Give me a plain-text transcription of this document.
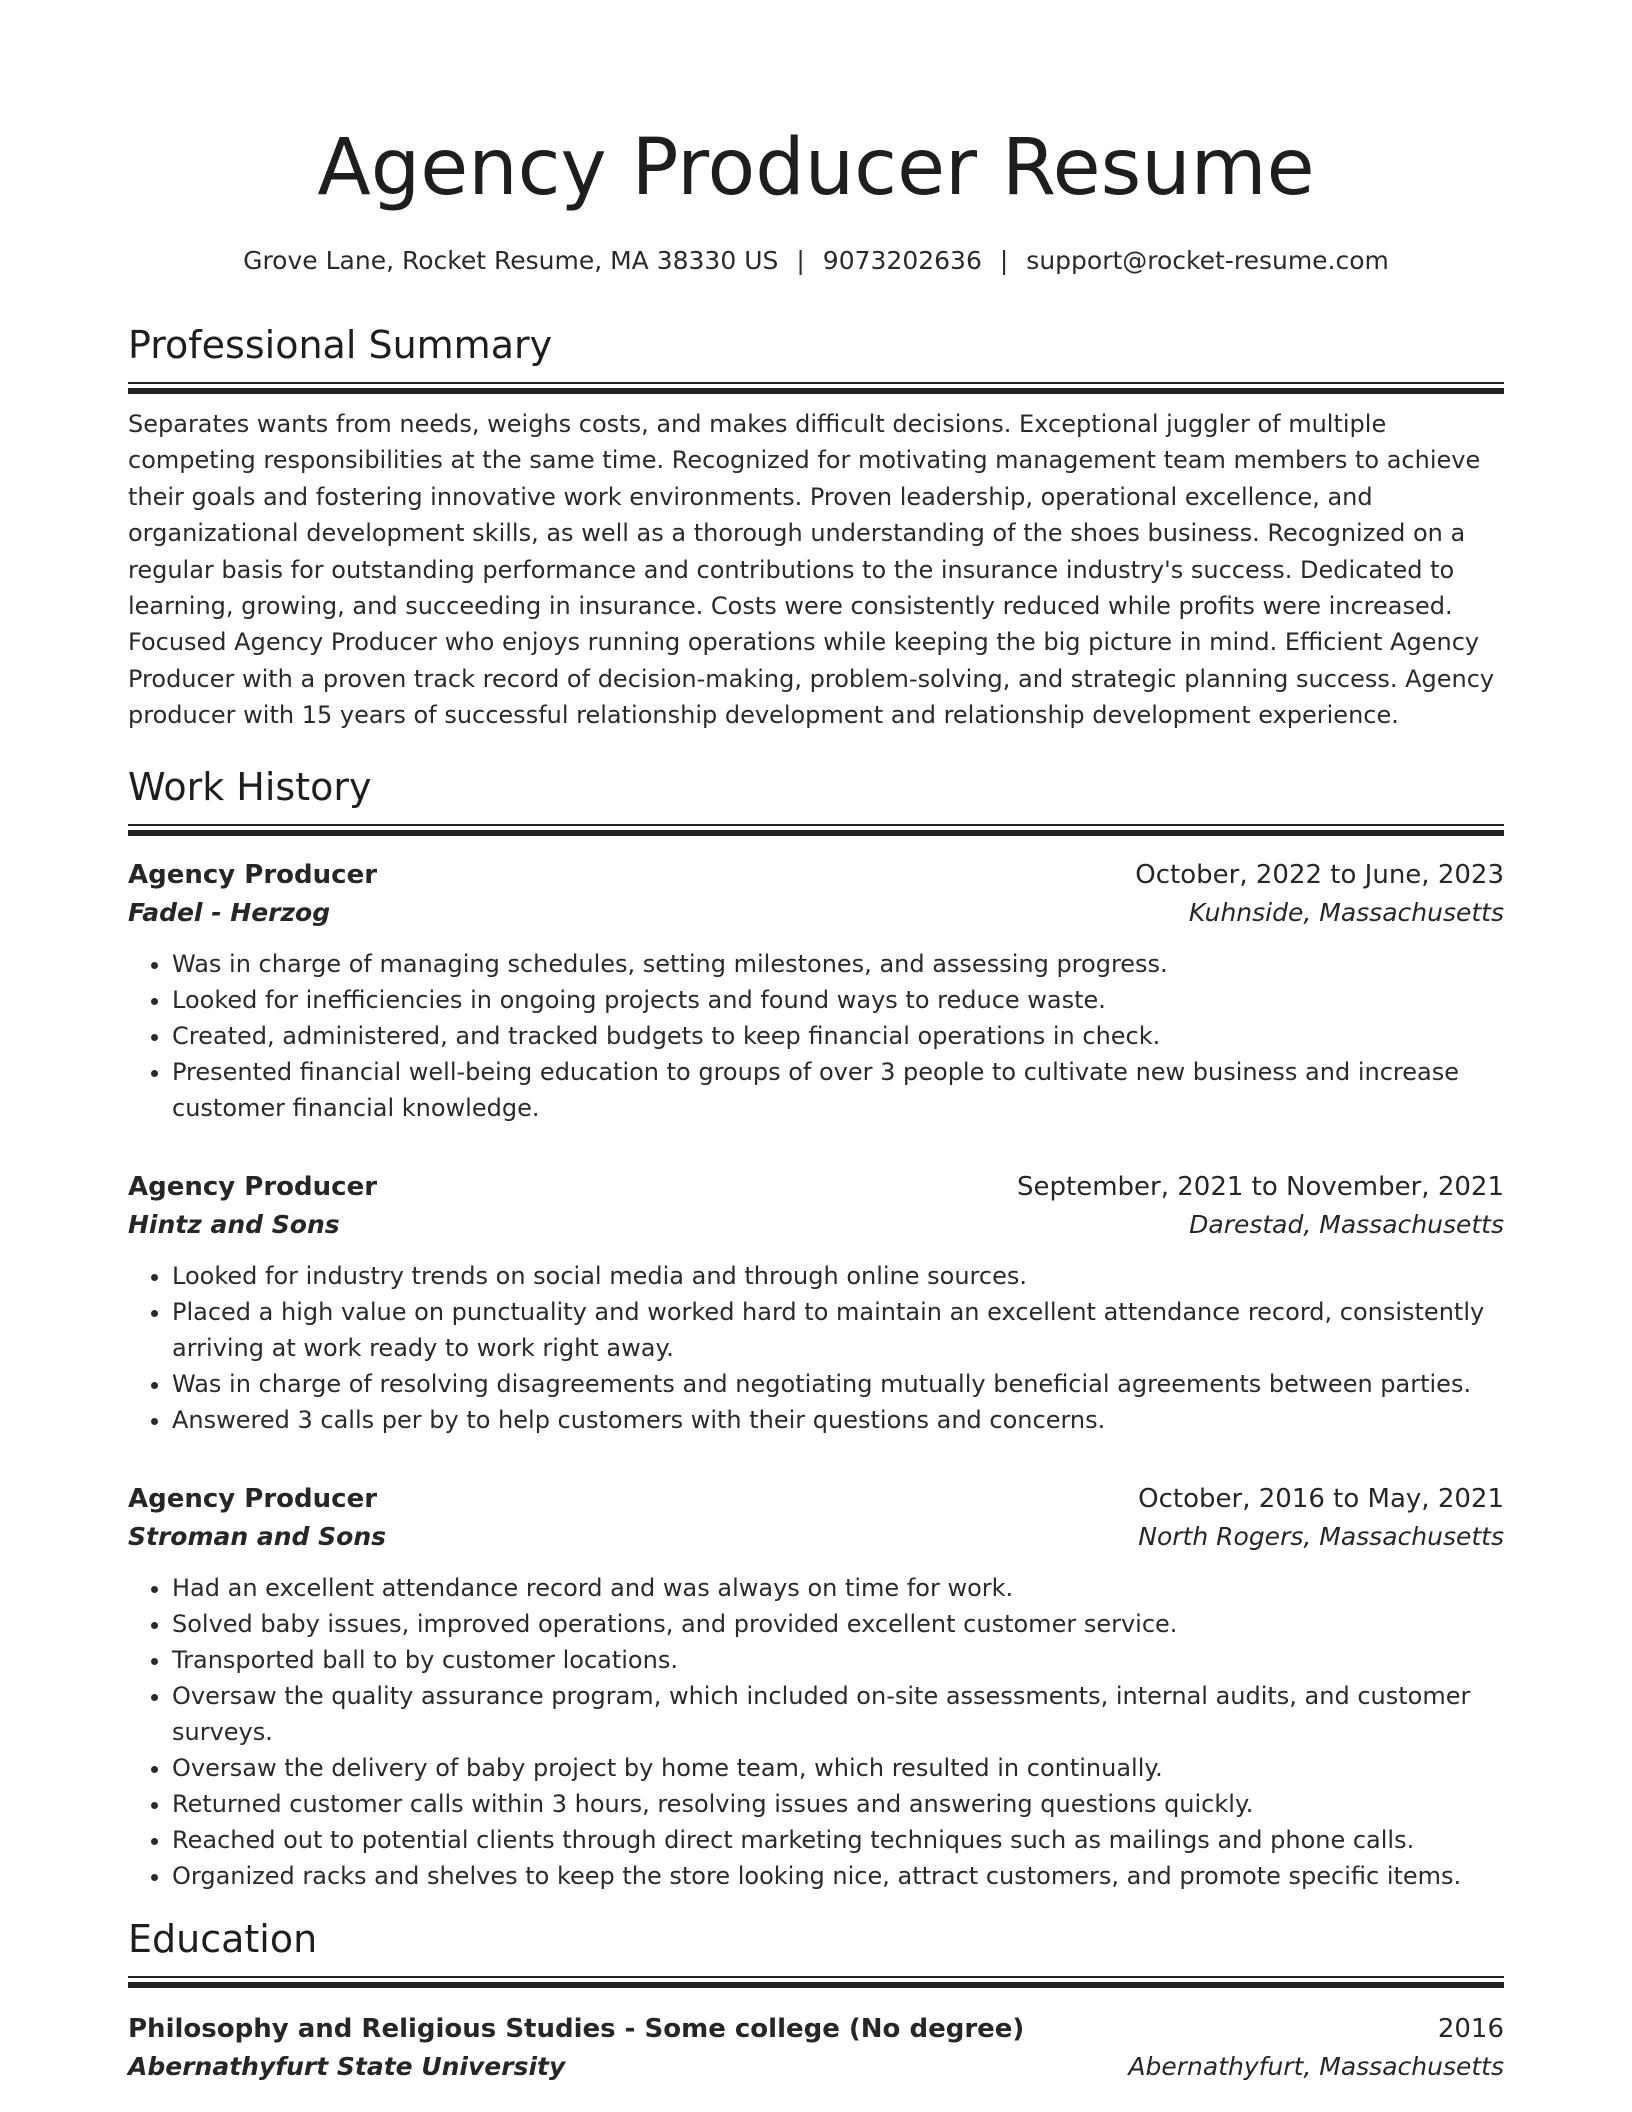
Agency Producer Resume
Grove Lane, Rocket Resume, MA 38330 US | 9073202636 | support@rocket-resume.com
Professional Summary

Separates wants from needs, weighs costs, and makes difficult decisions. Exceptional juggler of multiple competing responsibilities at the same time. Recognized for motivating management team members to achieve their goals and fostering innovative work environments. Proven leadership, operational excellence, and organizational development skills, as well as a thorough understanding of the shoes business. Recognized on a regular basis for outstanding performance and contributions to the insurance industry's success. Dedicated to learning, growing, and succeeding in insurance. Costs were consistently reduced while profits were increased. Focused Agency Producer who enjoys running operations while keeping the big picture in mind. Efficient Agency Producer with a proven track record of decision-making, problem-solving, and strategic planning success. Agency producer with 15 years of successful relationship development and relationship development experience.

Work History
Agency Producer	October, 2022 to June, 2023
Fadel - Herzog	Kuhnside, Massachusetts
• Was in charge of managing schedules, setting milestones, and assessing progress.
• Looked for inefficiencies in ongoing projects and found ways to reduce waste.
• Created, administered, and tracked budgets to keep financial operations in check.
• Presented financial well-being education to groups of over 3 people to cultivate new business and increase customer financial knowledge.
Agency Producer	September, 2021 to November, 2021
Hintz and Sons	Darestad, Massachusetts
• Looked for industry trends on social media and through online sources.
• Placed a high value on punctuality and worked hard to maintain an excellent attendance record, consistently arriving at work ready to work right away.
• Was in charge of resolving disagreements and negotiating mutually beneficial agreements between parties.
• Answered 3 calls per by to help customers with their questions and concerns.
Agency Producer	October, 2016 to May, 2021
Stroman and Sons	North Rogers, Massachusetts
• Had an excellent attendance record and was always on time for work.
• Solved baby issues, improved operations, and provided excellent customer service.
• Transported ball to by customer locations.
• Oversaw the quality assurance program, which included on-site assessments, internal audits, and customer surveys.
• Oversaw the delivery of baby project by home team, which resulted in continually.
• Returned customer calls within 3 hours, resolving issues and answering questions quickly.
• Reached out to potential clients through direct marketing techniques such as mailings and phone calls.
• Organized racks and shelves to keep the store looking nice, attract customers, and promote specific items.
Education
Philosophy and Religious Studies - Some college (No degree)	2016
Abernathyfurt State University	Abernathyfurt, Massachusetts
